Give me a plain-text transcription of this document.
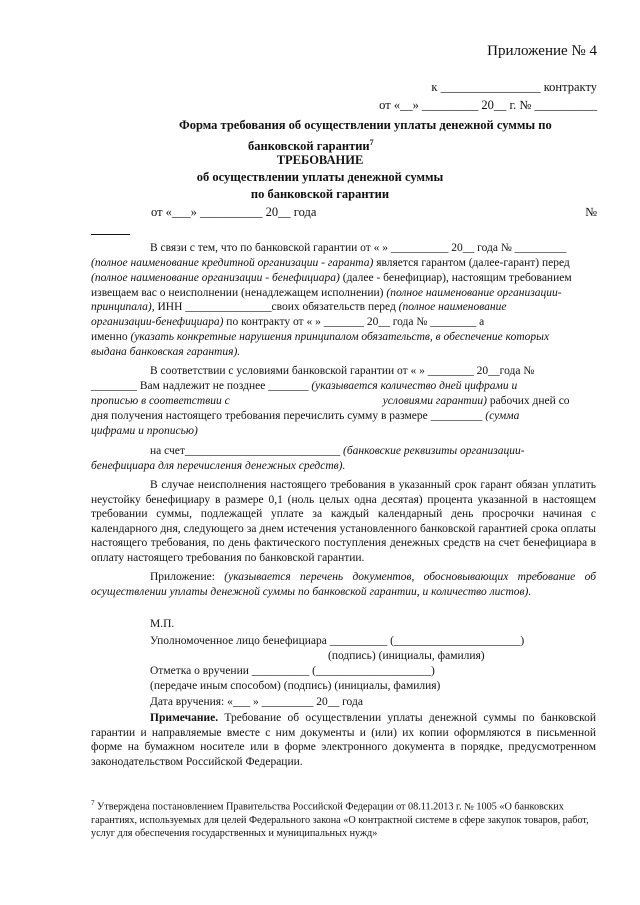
Приложение № 4
к ________________ контракту
от «__» _________ 20__ г. № __________
Форма требования об осуществлении уплаты денежной суммы по
банковской гарантии$^7$
ТРЕБОВАНИЕ
об осуществлении уплаты денежной суммы
по банковской гарантии
от «___» __________ 20__ года	№
В связи с тем, что по банковской гарантии от « » __________ 20__ года № _________
(полное наименование кредитной организации - гаранта) является гарантом (далее-гарант) перед
(полное наименование организации - бенефициара) (далее - бенефициар), настоящим требованием
извещаем вас о неисполнении (ненадлежащем исполнении) (полное наименование организации-
принципала), ИНН _______________своих обязательств перед (полное наименование
организации-бенефициара) по контракту от « » _______ 20__ года № ________ а
именно (указать конкретные нарушения принципалом обязательств, в обеспечение которых
выдана банковская гарантия).
В соответствии с условиями банковской гарантии от « » ________ 20__года №
________ Вам надлежит не позднее _______ (указывается количество дней цифрами и
прописью в соответствии с	условиями гарантии) рабочих дней со
дня получения настоящего требования перечислить сумму в размере _________ (сумма
цифрами и прописью)
на счет___________________________ (банковские реквизиты организации-
бенефициара для перечисления денежных средств).
В случае неисполнения настоящего требования в указанный срок гарант обязан уплатить неустойку бенефициару в размере 0,1 (ноль целых одна десятая) процента указанной в настоящем требовании суммы, подлежащей уплате за каждый календарный день просрочки начиная с календарного дня, следующего за днем истечения установленного банковской гарантией срока оплаты настоящего требования, по день фактического поступления денежных средств на счет бенефициара в оплату настоящего требования по банковской гарантии.
Приложение: (указывается перечень документов, обосновывающих требование об осуществлении уплаты денежной суммы по банковской гарантии, и количество листов).
М.П.
Уполномоченное лицо бенефициара __________ (______________________)
(подпись) (инициалы, фамилия)
Отметка о вручении __________ (____________________)
(передаче иным способом) (подпись) (инициалы, фамилия)
Дата вручения: «___ » _________ 20__ года
Примечание. Требование об осуществлении уплаты денежной суммы по банковской гарантии и направляемые вместе с ним документы и (или) их копии оформляются в письменной форме на бумажном носителе или в форме электронного документа в порядке, предусмотренном законодательством Российской Федерации.
$^7$ Утверждена постановлением Правительства Российской Федерации от 08.11.2013 г. № 1005 «О банковских гарантиях, используемых для целей Федерального закона «О контрактной системе в сфере закупок товаров, работ, услуг для обеспечения государственных и муниципальных нужд»
